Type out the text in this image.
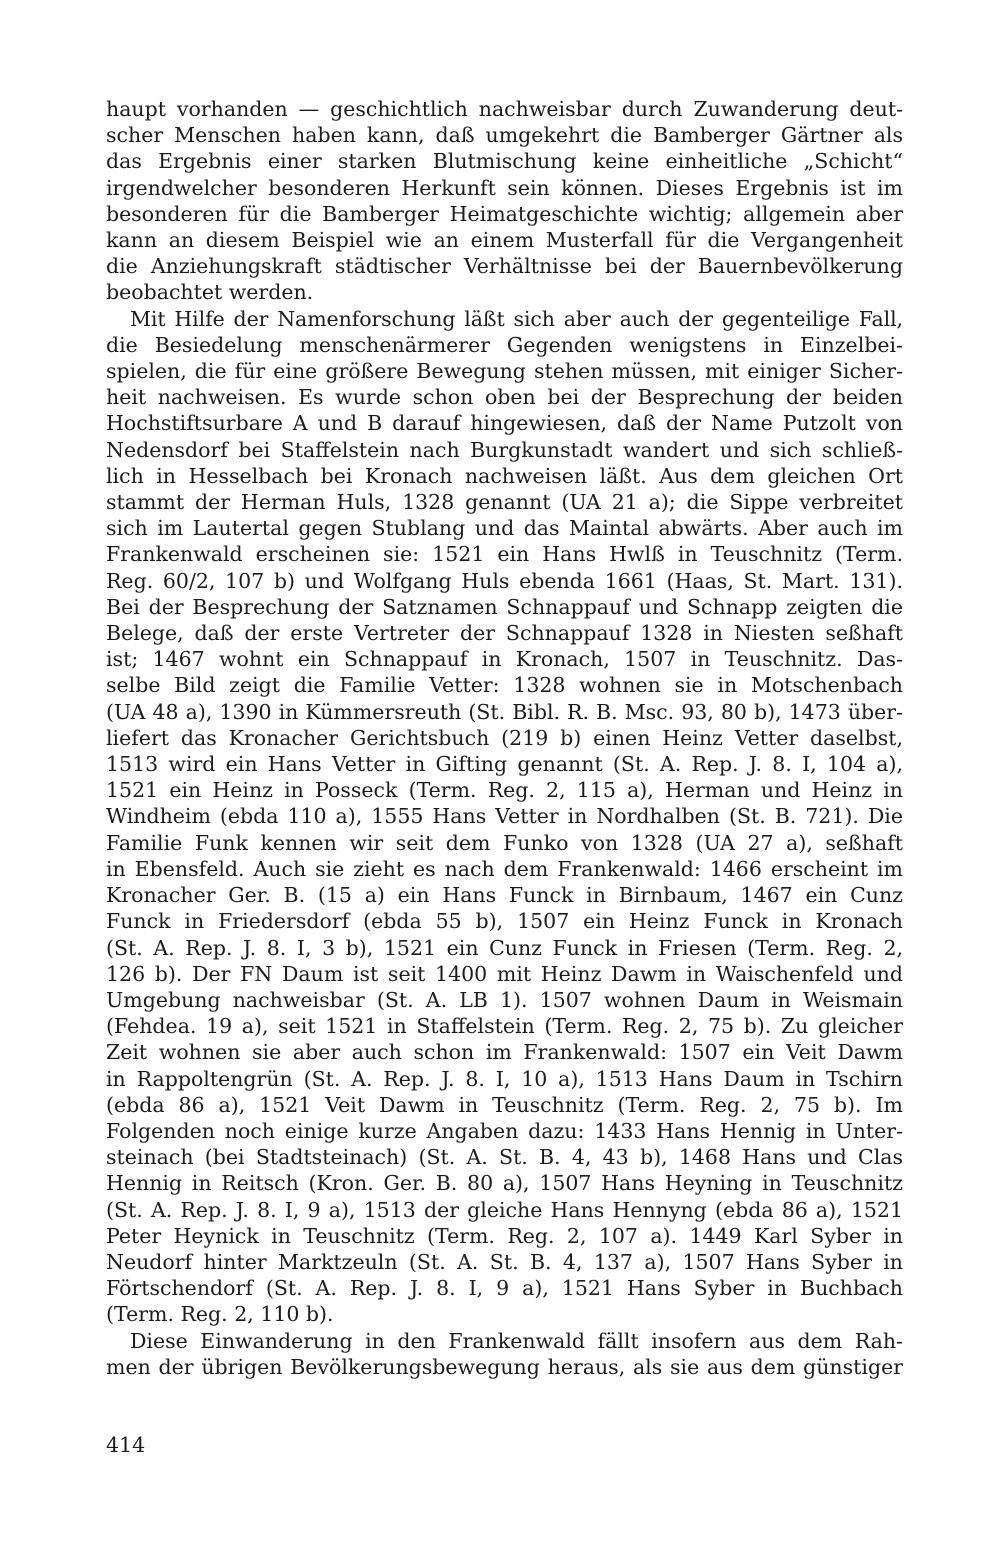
haupt vorhanden — geschichtlich nachweisbar durch Zuwanderung deut-
scher Menschen haben kann, daß umgekehrt die Bamberger Gärtner als
das Ergebnis einer starken Blutmischung keine einheitliche „Schicht“
irgendwelcher besonderen Herkunft sein können. Dieses Ergebnis ist im
besonderen für die Bamberger Heimatgeschichte wichtig; allgemein aber
kann an diesem Beispiel wie an einem Musterfall für die Vergangenheit
die Anziehungskraft städtischer Verhältnisse bei der Bauernbevölkerung
beobachtet werden.

Mit Hilfe der Namenforschung läßt sich aber auch der gegenteilige Fall,
die Besiedelung menschenärmerer Gegenden wenigstens in Einzelbei-
spielen, die für eine größere Bewegung stehen müssen, mit einiger Sicher-
heit nachweisen. Es wurde schon oben bei der Besprechung der beiden
Hochstiftsurbare A und B darauf hingewiesen, daß der Name Putzolt von
Nedensdorf bei Staffelstein nach Burgkunstadt wandert und sich schließ-
lich in Hesselbach bei Kronach nachweisen läßt. Aus dem gleichen Ort
stammt der Herman Huls, 1328 genannt (UA 21 a); die Sippe verbreitet
sich im Lautertal gegen Stublang und das Maintal abwärts. Aber auch im
Frankenwald erscheinen sie: 1521 ein Hans Hwlß in Teuschnitz (Term.
Reg. 60/2, 107 b) und Wolfgang Huls ebenda 1661 (Haas, St. Mart. 131).
Bei der Besprechung der Satznamen Schnappauf und Schnapp zeigten die
Belege, daß der erste Vertreter der Schnappauf 1328 in Niesten seßhaft
ist; 1467 wohnt ein Schnappauf in Kronach, 1507 in Teuschnitz. Das-
selbe Bild zeigt die Familie Vetter: 1328 wohnen sie in Motschenbach
(UA 48 a), 1390 in Kümmersreuth (St. Bibl. R. B. Msc. 93, 80 b), 1473 über-
liefert das Kronacher Gerichtsbuch (219 b) einen Heinz Vetter daselbst,
1513 wird ein Hans Vetter in Gifting genannt (St. A. Rep. J. 8. I, 104 a),
1521 ein Heinz in Posseck (Term. Reg. 2, 115 a), Herman und Heinz in
Windheim (ebda 110 a), 1555 Hans Vetter in Nordhalben (St. B. 721). Die
Familie Funk kennen wir seit dem Funko von 1328 (UA 27 a), seßhaft
in Ebensfeld. Auch sie zieht es nach dem Frankenwald: 1466 erscheint im
Kronacher Ger. B. (15 a) ein Hans Funck in Birnbaum, 1467 ein Cunz
Funck in Friedersdorf (ebda 55 b), 1507 ein Heinz Funck in Kronach
(St. A. Rep. J. 8. I, 3 b), 1521 ein Cunz Funck in Friesen (Term. Reg. 2,
126 b). Der FN Daum ist seit 1400 mit Heinz Dawm in Waischenfeld und
Umgebung nachweisbar (St. A. LB 1). 1507 wohnen Daum in Weismain
(Fehdea. 19 a), seit 1521 in Staffelstein (Term. Reg. 2, 75 b). Zu gleicher
Zeit wohnen sie aber auch schon im Frankenwald: 1507 ein Veit Dawm
in Rappoltengrün (St. A. Rep. J. 8. I, 10 a), 1513 Hans Daum in Tschirn
(ebda 86 a), 1521 Veit Dawm in Teuschnitz (Term. Reg. 2, 75 b). Im
Folgenden noch einige kurze Angaben dazu: 1433 Hans Hennig in Unter-
steinach (bei Stadtsteinach) (St. A. St. B. 4, 43 b), 1468 Hans und Clas
Hennig in Reitsch (Kron. Ger. B. 80 a), 1507 Hans Heyning in Teuschnitz
(St. A. Rep. J. 8. I, 9 a), 1513 der gleiche Hans Hennyng (ebda 86 a), 1521
Peter Heynick in Teuschnitz (Term. Reg. 2, 107 a). 1449 Karl Syber in
Neudorf hinter Marktzeuln (St. A. St. B. 4, 137 a), 1507 Hans Syber in
Förtschendorf (St. A. Rep. J. 8. I, 9 a), 1521 Hans Syber in Buchbach
(Term. Reg. 2, 110 b).

Diese Einwanderung in den Frankenwald fällt insofern aus dem Rah-
men der übrigen Bevölkerungsbewegung heraus, als sie aus dem günstiger

414
